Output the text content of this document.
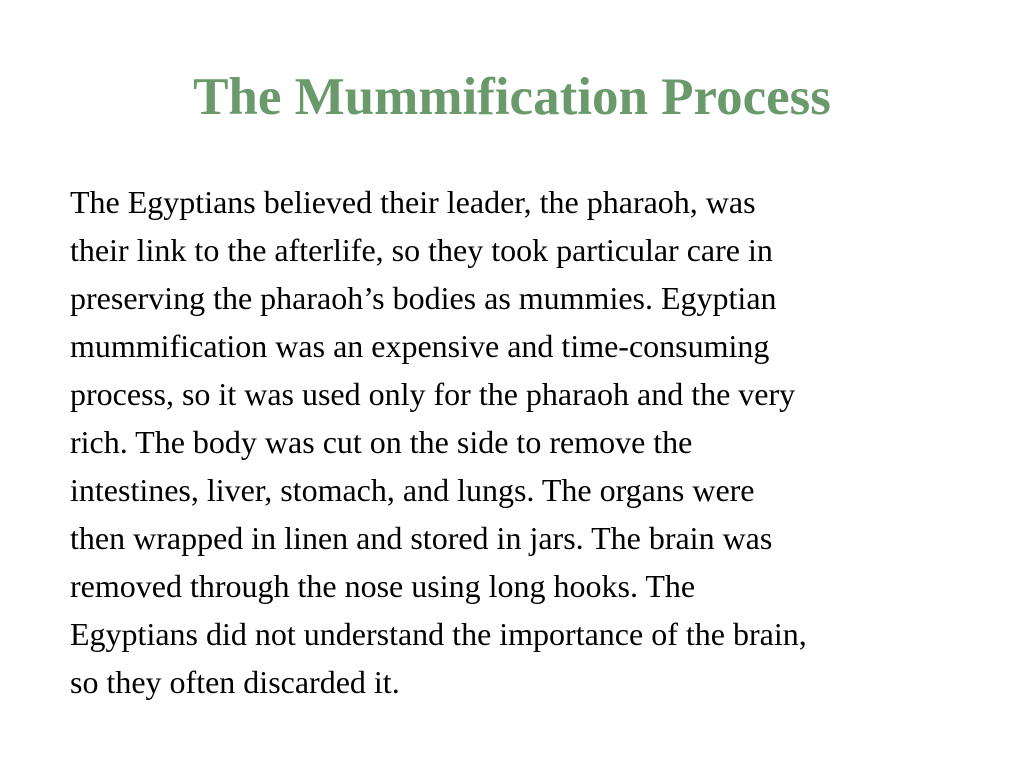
The Mummification Process
The Egyptians believed their leader, the pharaoh, was
their link to the afterlife, so they took particular care in
preserving the pharaoh’s bodies as mummies. Egyptian
mummification was an expensive and time-consuming
process, so it was used only for the pharaoh and the very
rich. The body was cut on the side to remove the
intestines, liver, stomach, and lungs. The organs were
then wrapped in linen and stored in jars. The brain was
removed through the nose using long hooks. The
Egyptians did not understand the importance of the brain,
so they often discarded it.
